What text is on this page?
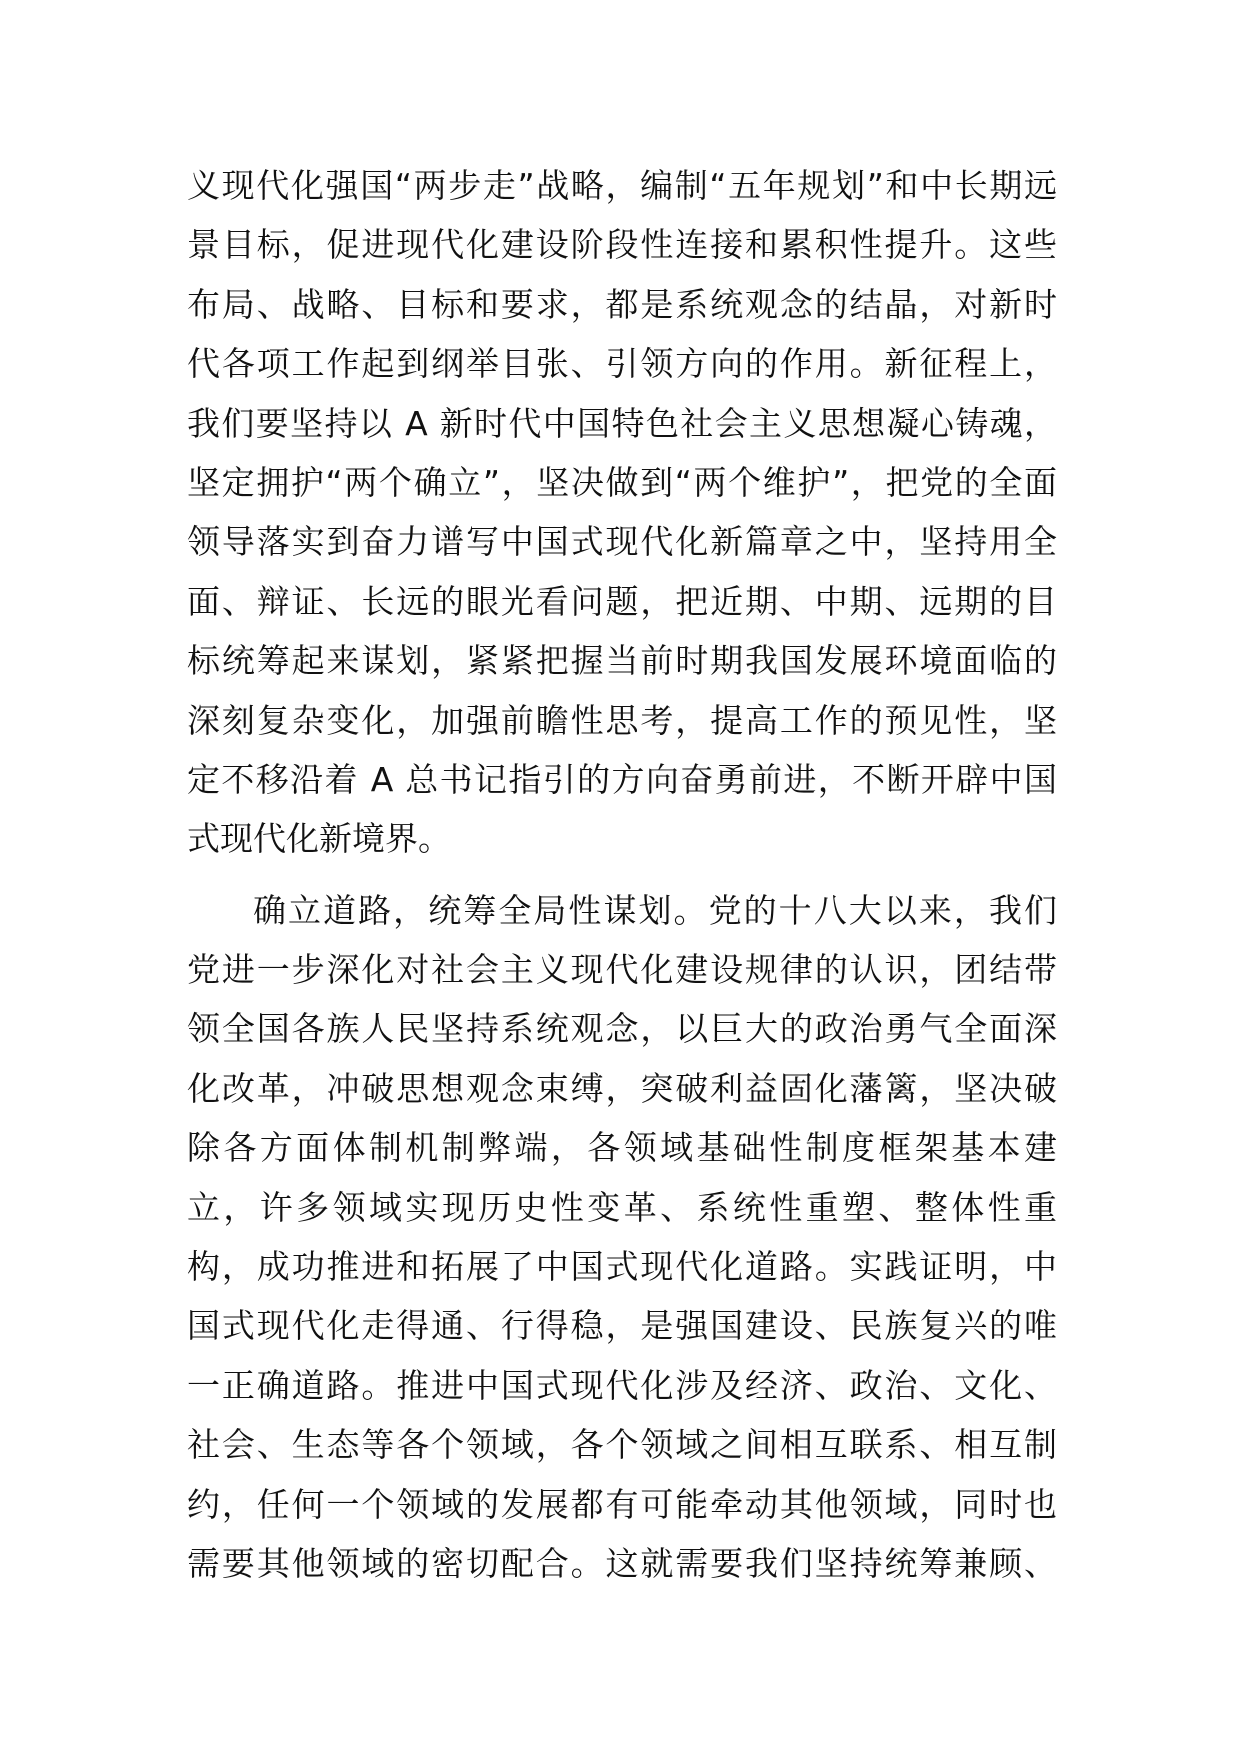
义现代化强国“两步走”战略，编制“五年规划”和中长期远
景目标，促进现代化建设阶段性连接和累积性提升。这些
布局、战略、目标和要求，都是系统观念的结晶，对新时
代各项工作起到纲举目张、引领方向的作用。新征程上，
我们要坚持以 A 新时代中国特色社会主义思想凝心铸魂，
坚定拥护“两个确立”，坚决做到“两个维护”，把党的全面
领导落实到奋力谱写中国式现代化新篇章之中，坚持用全
面、辩证、长远的眼光看问题，把近期、中期、远期的目
标统筹起来谋划，紧紧把握当前时期我国发展环境面临的
深刻复杂变化，加强前瞻性思考，提高工作的预见性，坚
定不移沿着 A 总书记指引的方向奋勇前进，不断开辟中国
式现代化新境界。
确立道路，统筹全局性谋划。党的十八大以来，我们
党进一步深化对社会主义现代化建设规律的认识，团结带
领全国各族人民坚持系统观念，以巨大的政治勇气全面深
化改革，冲破思想观念束缚，突破利益固化藩篱，坚决破
除各方面体制机制弊端，各领域基础性制度框架基本建
立，许多领域实现历史性变革、系统性重塑、整体性重
构，成功推进和拓展了中国式现代化道路。实践证明，中
国式现代化走得通、行得稳，是强国建设、民族复兴的唯
一正确道路。推进中国式现代化涉及经济、政治、文化、
社会、生态等各个领域，各个领域之间相互联系、相互制
约，任何一个领域的发展都有可能牵动其他领域，同时也
需要其他领域的密切配合。这就需要我们坚持统筹兼顾、
